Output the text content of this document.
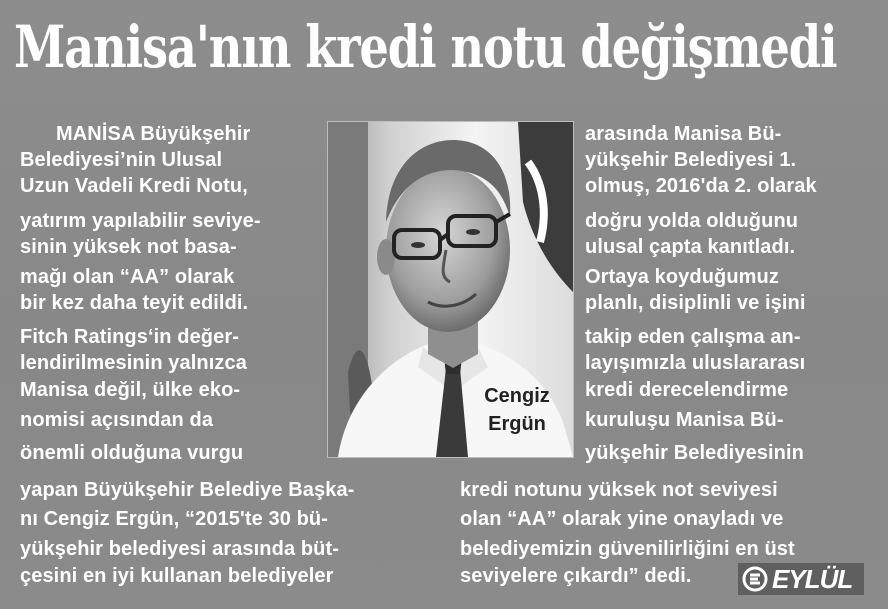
Manisa'nın kredi notu değişmedi
MANİSA Büyükşehir
Belediyesi’nin Ulusal
Uzun Vadeli Kredi Notu,
yatırım yapılabilir seviye-
sinin yüksek not basa-
mağı olan “AA” olarak
bir kez daha teyit edildi.
Fitch Ratings‘in değer-
lendirilmesinin yalnızca
Manisa değil, ülke eko-
nomisi açısından da
önemli olduğuna vurgu
yapan Büyükşehir Belediye Başka-
nı Cengiz Ergün, “2015'te 30 bü-
yükşehir belediyesi arasında büt-
çesini en iyi kullanan belediyeler
arasında Manisa Bü-
yükşehir Belediyesi 1.
olmuş, 2016'da 2. olarak
doğru yolda olduğunu
ulusal çapta kanıtladı.
Ortaya koyduğumuz
planlı, disiplinli ve işini
takip eden çalışma an-
layışımızla uluslararası
kredi derecelendirme
kuruluşu Manisa Bü-
yükşehir Belediyesinin
kredi notunu yüksek not seviyesi
olan “AA” olarak yine onayladı ve
belediyemizin güvenilirliğini en üst
seviyelere çıkardı” dedi.
Cengiz
Ergün
EYLÜL
